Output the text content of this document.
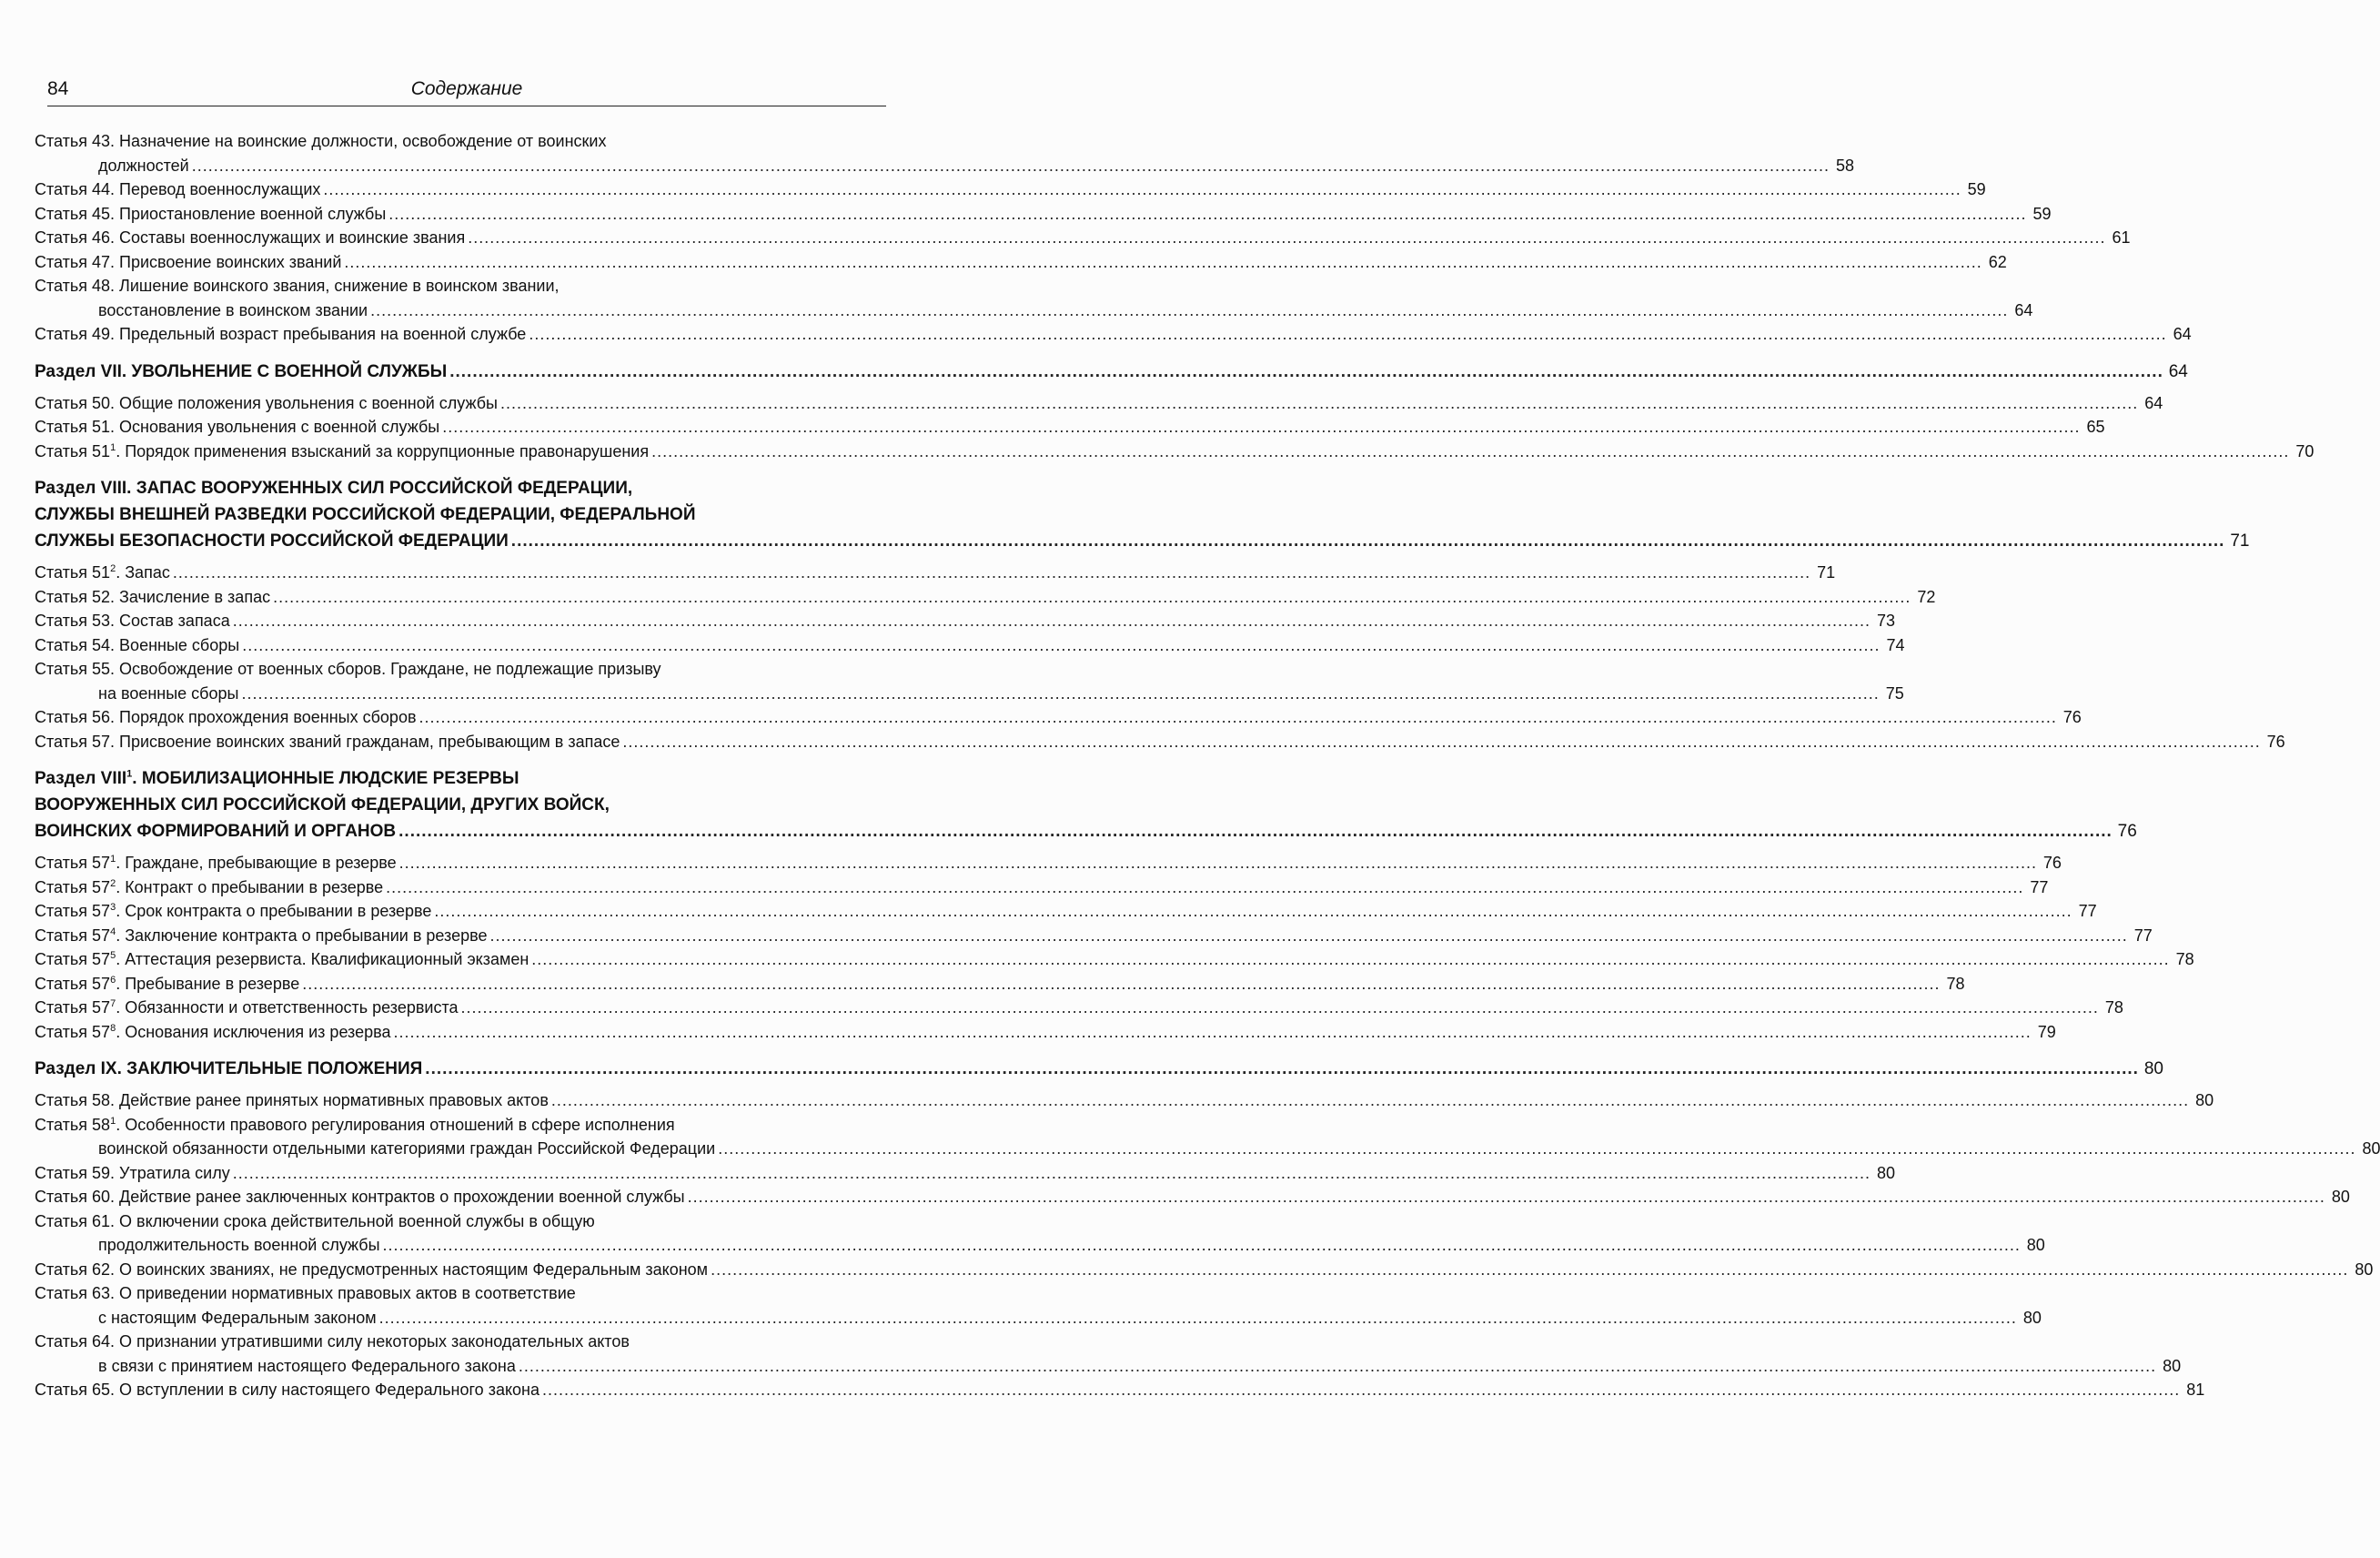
84	Содержание
Статья 43. Назначение на воинские должности, освобождение от воинских
должностей ............................................................................................................................................................................................................................................................................................................ 58
Статья 44. Перевод военнослужащих ............................................................................................................................................................................................................................................................................................................ 59
Статья 45. Приостановление военной службы ............................................................................................................................................................................................................................................................................................................ 59
Статья 46. Составы военнослужащих и воинские звания ............................................................................................................................................................................................................................................................................................................ 61
Статья 47. Присвоение воинских званий ............................................................................................................................................................................................................................................................................................................ 62
Статья 48. Лишение воинского звания, снижение в воинском звании,
восстановление в воинском звании ............................................................................................................................................................................................................................................................................................................ 64
Статья 49. Предельный возраст пребывания на военной службе ............................................................................................................................................................................................................................................................................................................ 64
Раздел VII. УВОЛЬНЕНИЕ С ВОЕННОЙ СЛУЖБЫ ............................................................................................................................................................................................................................................................................................................ 64
Статья 50. Общие положения увольнения с военной службы ............................................................................................................................................................................................................................................................................................................ 64
Статья 51. Основания увольнения с военной службы ............................................................................................................................................................................................................................................................................................................ 65
Статья $51^1$. Порядок применения взысканий за коррупционные правонарушения ............................................................................................................................................................................................................................................................................................................ 70
Раздел VIII. ЗАПАС ВООРУЖЕННЫХ СИЛ РОССИЙСКОЙ ФЕДЕРАЦИИ,
СЛУЖБЫ ВНЕШНЕЙ РАЗВЕДКИ РОССИЙСКОЙ ФЕДЕРАЦИИ, ФЕДЕРАЛЬНОЙ
СЛУЖБЫ БЕЗОПАСНОСТИ РОССИЙСКОЙ ФЕДЕРАЦИИ ............................................................................................................................................................................................................................................................................................................ 71
Статья $51^2$. Запас ............................................................................................................................................................................................................................................................................................................ 71
Статья 52. Зачисление в запас ............................................................................................................................................................................................................................................................................................................ 72
Статья 53. Состав запаса ............................................................................................................................................................................................................................................................................................................ 73
Статья 54. Военные сборы ............................................................................................................................................................................................................................................................................................................ 74
Статья 55. Освобождение от военных сборов. Граждане, не подлежащие призыву
на военные сборы ............................................................................................................................................................................................................................................................................................................ 75
Статья 56. Порядок прохождения военных сборов ............................................................................................................................................................................................................................................................................................................ 76
Статья 57. Присвоение воинских званий гражданам, пребывающим в запасе ............................................................................................................................................................................................................................................................................................................ 76
Раздел VIII$^1$. МОБИЛИЗАЦИОННЫЕ ЛЮДСКИЕ РЕЗЕРВЫ
ВООРУЖЕННЫХ СИЛ РОССИЙСКОЙ ФЕДЕРАЦИИ, ДРУГИХ ВОЙСК,
ВОИНСКИХ ФОРМИРОВАНИЙ И ОРГАНОВ ............................................................................................................................................................................................................................................................................................................ 76
Статья $57^1$. Граждане, пребывающие в резерве ............................................................................................................................................................................................................................................................................................................ 76
Статья $57^2$. Контракт о пребывании в резерве ............................................................................................................................................................................................................................................................................................................ 77
Статья $57^3$. Срок контракта о пребывании в резерве ............................................................................................................................................................................................................................................................................................................ 77
Статья $57^4$. Заключение контракта о пребывании в резерве ............................................................................................................................................................................................................................................................................................................ 77
Статья $57^5$. Аттестация резервиста. Квалификационный экзамен ............................................................................................................................................................................................................................................................................................................ 78
Статья $57^6$. Пребывание в резерве ............................................................................................................................................................................................................................................................................................................ 78
Статья $57^7$. Обязанности и ответственность резервиста ............................................................................................................................................................................................................................................................................................................ 78
Статья $57^8$. Основания исключения из резерва ............................................................................................................................................................................................................................................................................................................ 79
Раздел IX. ЗАКЛЮЧИТЕЛЬНЫЕ ПОЛОЖЕНИЯ ............................................................................................................................................................................................................................................................................................................ 80
Статья 58. Действие ранее принятых нормативных правовых актов ............................................................................................................................................................................................................................................................................................................ 80
Статья $58^1$. Особенности правового регулирования отношений в сфере исполнения
воинской обязанности отдельными категориями граждан Российской Федерации ............................................................................................................................................................................................................................................................................................................ 80
Статья 59. Утратила силу ............................................................................................................................................................................................................................................................................................................ 80
Статья 60. Действие ранее заключенных контрактов о прохождении военной службы ............................................................................................................................................................................................................................................................................................................ 80
Статья 61. О включении срока действительной военной службы в общую
продолжительность военной службы ............................................................................................................................................................................................................................................................................................................ 80
Статья 62. О воинских званиях, не предусмотренных настоящим Федеральным законом ............................................................................................................................................................................................................................................................................................................ 80
Статья 63. О приведении нормативных правовых актов в соответствие
с настоящим Федеральным законом ............................................................................................................................................................................................................................................................................................................ 80
Статья 64. О признании утратившими силу некоторых законодательных актов
в связи с принятием настоящего Федерального закона ............................................................................................................................................................................................................................................................................................................ 80
Статья 65. О вступлении в силу настоящего Федерального закона ............................................................................................................................................................................................................................................................................................................ 81
